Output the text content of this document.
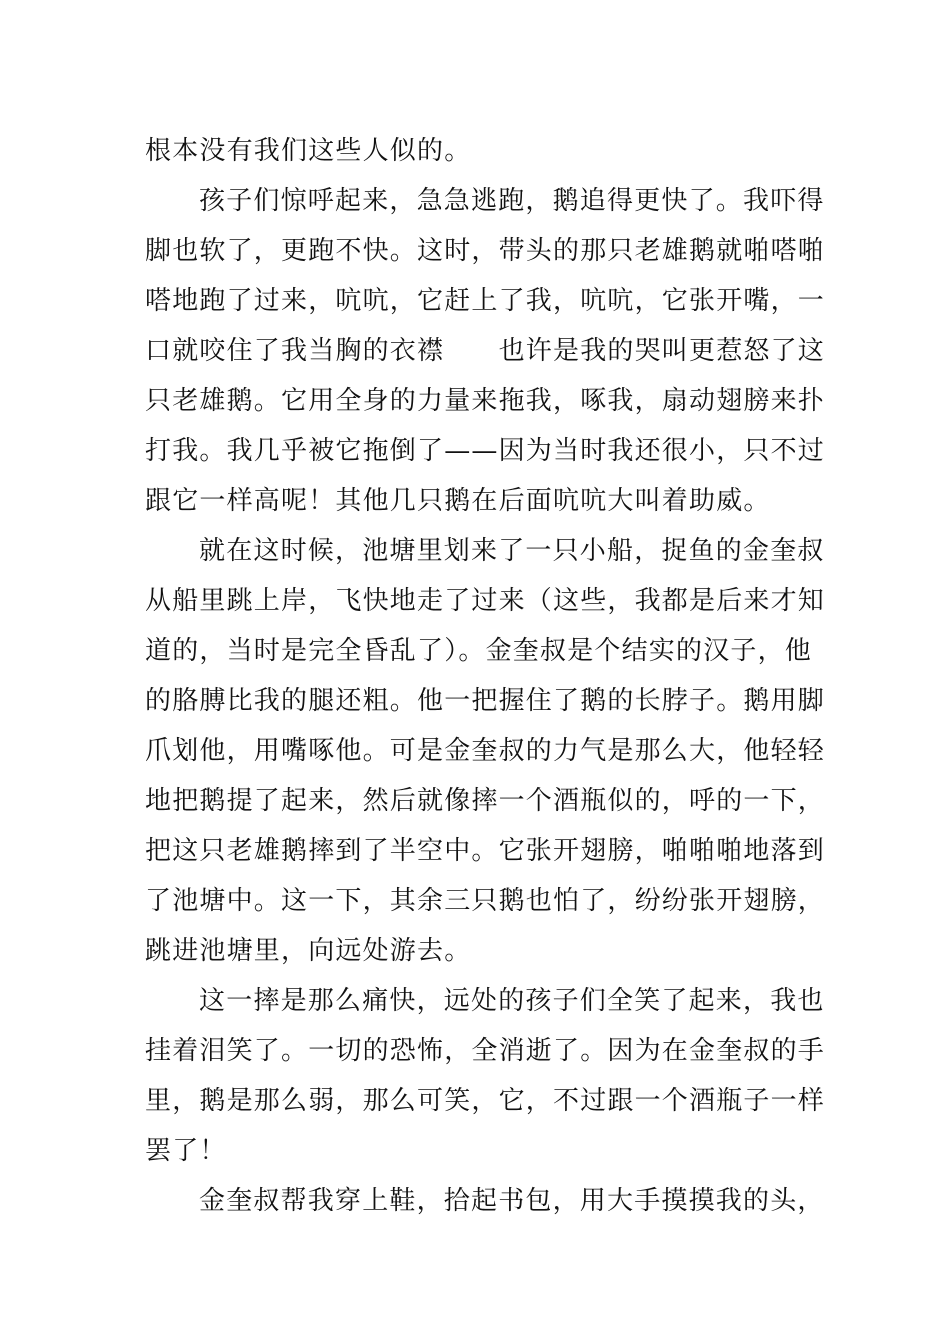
根本没有我们这些人似的。
孩子们惊呼起来，急急逃跑，鹅追得更快了。我吓得
脚也软了，更跑不快。这时，带头的那只老雄鹅就啪嗒啪
嗒地跑了过来，吭吭，它赶上了我，吭吭，它张开嘴，一
口就咬住了我当胸的衣襟　　也许是我的哭叫更惹怒了这
只老雄鹅。它用全身的力量来拖我，啄我，扇动翅膀来扑
打我。我几乎被它拖倒了——因为当时我还很小，只不过
跟它一样高呢！其他几只鹅在后面吭吭大叫着助威。
就在这时候，池塘里划来了一只小船，捉鱼的金奎叔
从船里跳上岸，飞快地走了过来（这些，我都是后来才知
道的，当时是完全昏乱了）。金奎叔是个结实的汉子，他
的胳膊比我的腿还粗。他一把握住了鹅的长脖子。鹅用脚
爪划他，用嘴啄他。可是金奎叔的力气是那么大，他轻轻
地把鹅提了起来，然后就像摔一个酒瓶似的，呼的一下，
把这只老雄鹅摔到了半空中。它张开翅膀，啪啪啪地落到
了池塘中。这一下，其余三只鹅也怕了，纷纷张开翅膀，
跳进池塘里，向远处游去。
这一摔是那么痛快，远处的孩子们全笑了起来，我也
挂着泪笑了。一切的恐怖，全消逝了。因为在金奎叔的手
里，鹅是那么弱，那么可笑，它，不过跟一个酒瓶子一样
罢了！
金奎叔帮我穿上鞋，拾起书包，用大手摸摸我的头，
